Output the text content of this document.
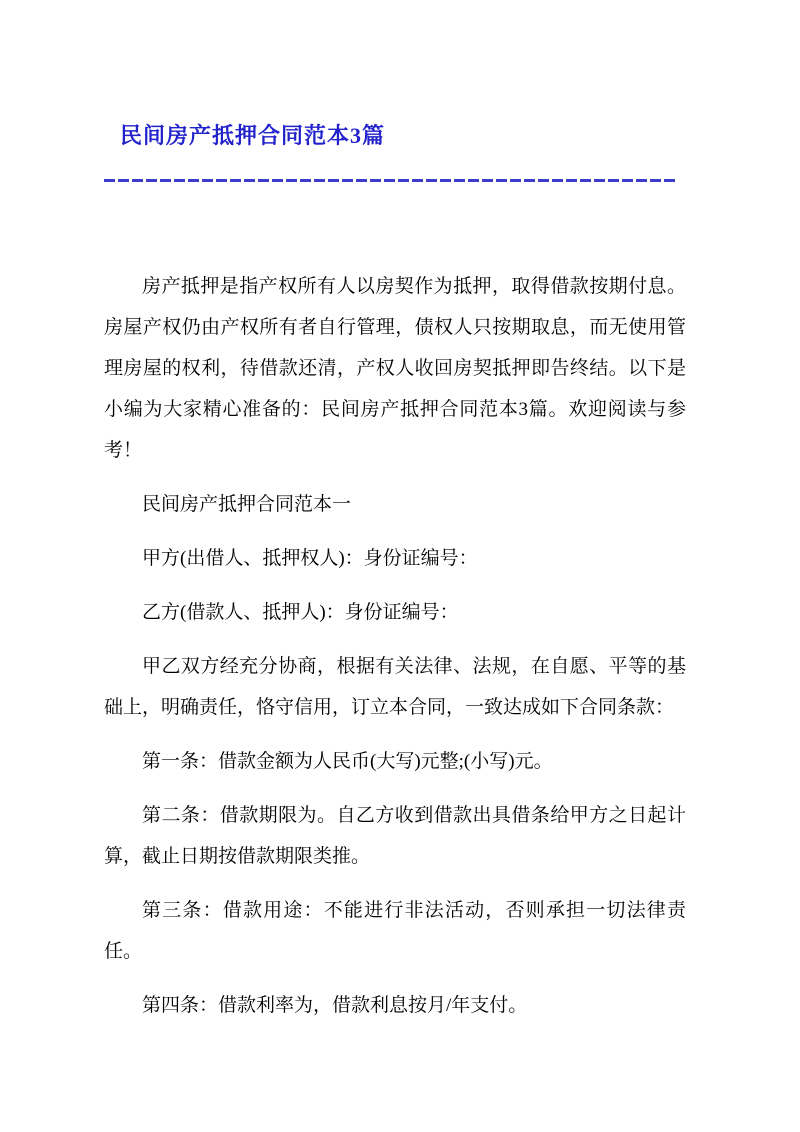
民间房产抵押合同范本3篇

房产抵押是指产权所有人以房契作为抵押，取得借款按期付息。房屋产权仍由产权所有者自行管理，债权人只按期取息，而无使用管理房屋的权利，待借款还清，产权人收回房契抵押即告终结。以下是小编为大家精心准备的：民间房产抵押合同范本3篇。欢迎阅读与参考！

民间房产抵押合同范本一

甲方(出借人、抵押权人)：身份证编号：

乙方(借款人、抵押人)：身份证编号：

甲乙双方经充分协商，根据有关法律、法规，在自愿、平等的基础上，明确责任，恪守信用，订立本合同，一致达成如下合同条款：

第一条：借款金额为人民币(大写)元整;(小写)元。

第二条：借款期限为。自乙方收到借款出具借条给甲方之日起计算，截止日期按借款期限类推。

第三条：借款用途：不能进行非法活动，否则承担一切法律责任。

第四条：借款利率为，借款利息按月/年支付。
